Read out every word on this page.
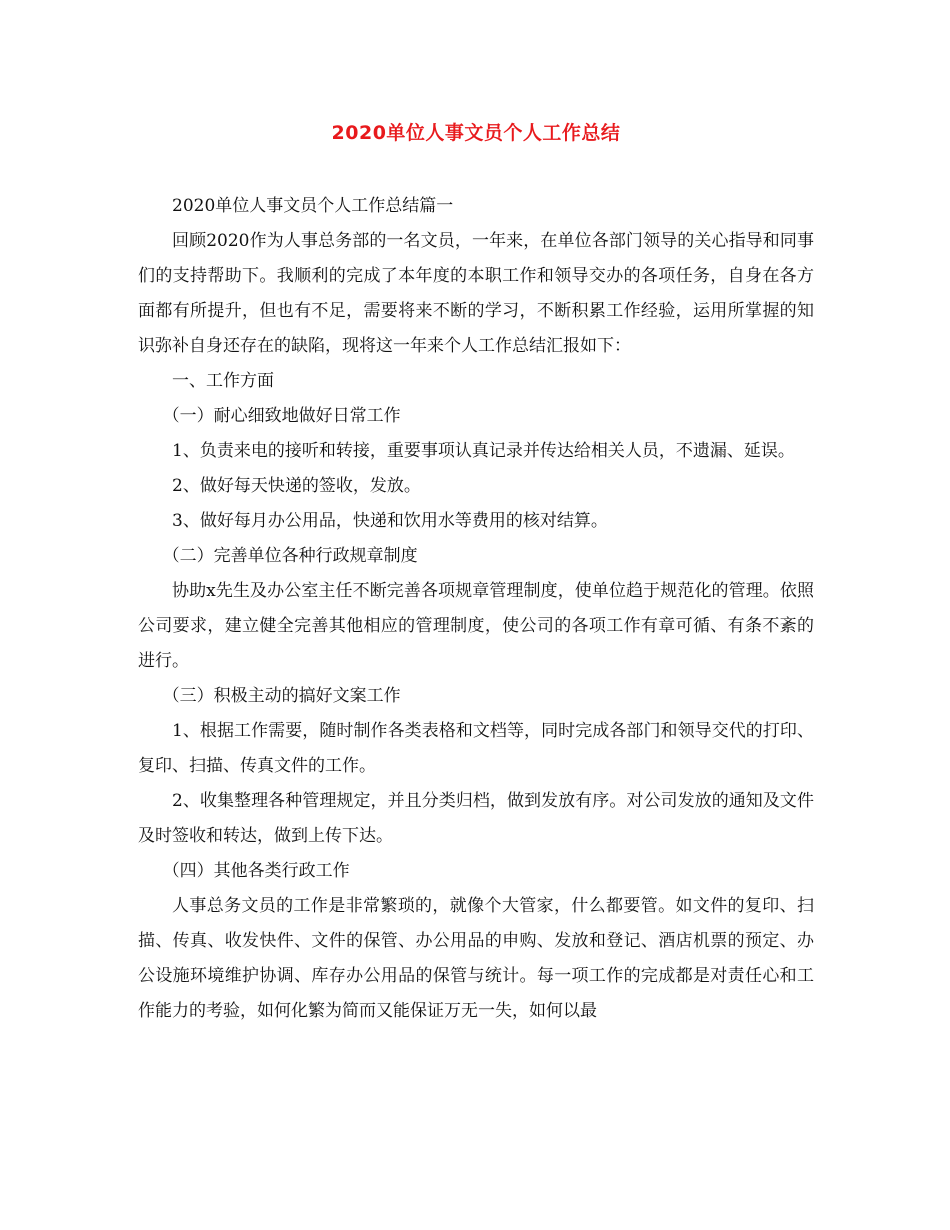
2020单位人事文员个人工作总结

2020单位人事文员个人工作总结篇一

回顾2020作为人事总务部的一名文员，一年来，在单位各部门领导的关心指导和同事们的支持帮助下。我顺利的完成了本年度的本职工作和领导交办的各项任务，自身在各方面都有所提升，但也有不足，需要将来不断的学习，不断积累工作经验，运用所掌握的知识弥补自身还存在的缺陷，现将这一年来个人工作总结汇报如下：

一、工作方面

（一）耐心细致地做好日常工作

1、负责来电的接听和转接，重要事项认真记录并传达给相关人员，不遗漏、延误。

2、做好每天快递的签收，发放。

3、做好每月办公用品，快递和饮用水等费用的核对结算。

（二）完善单位各种行政规章制度

协助x先生及办公室主任不断完善各项规章管理制度，使单位趋于规范化的管理。依照公司要求，建立健全完善其他相应的管理制度，使公司的各项工作有章可循、有条不紊的进行。

（三）积极主动的搞好文案工作

1、根据工作需要，随时制作各类表格和文档等，同时完成各部门和领导交代的打印、复印、扫描、传真文件的工作。

2、收集整理各种管理规定，并且分类归档，做到发放有序。对公司发放的通知及文件及时签收和转达，做到上传下达。

（四）其他各类行政工作

人事总务文员的工作是非常繁琐的，就像个大管家，什么都要管。如文件的复印、扫描、传真、收发快件、文件的保管、办公用品的申购、发放和登记、酒店机票的预定、办公设施环境维护协调、库存办公用品的保管与统计。每一项工作的完成都是对责任心和工作能力的考验，如何化繁为简而又能保证万无一失，如何以最
